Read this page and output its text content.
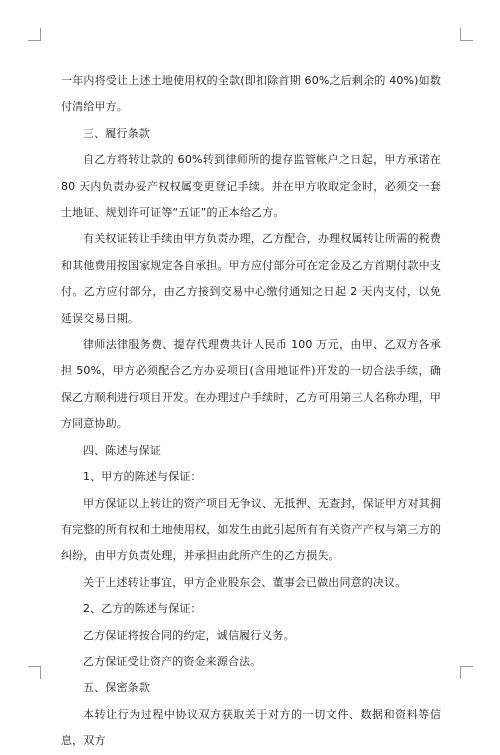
一年内将受让上述土地使用权的全款(即扣除首期 60%之后剩余的 40%)如数付清给甲方。

三、履行条款

自乙方将转让款的 60%转到律师所的提存监管帐户之日起，甲方承诺在 80 天内负责办妥产权权属变更登记手续。并在甲方收取定金时，必须交一套土地证、规划许可证等“五证”的正本给乙方。

有关权证转让手续由甲方负责办理，乙方配合，办理权属转让所需的税费和其他费用按国家规定各自承担。甲方应付部分可在定金及乙方首期付款中支付。乙方应付部分，由乙方接到交易中心缴付通知之日起 2 天内支付，以免延误交易日期。

律师法律服务费、提存代理费共计人民币 100 万元，由甲、乙双方各承担 50%，甲方必须配合乙方办妥项目(含用地证件)开发的一切合法手续，确保乙方顺利进行项目开发。在办理过户手续时，乙方可用第三人名称办理，甲方同意协助。

四、陈述与保证

1、甲方的陈述与保证：

甲方保证以上转让的资产项目无争议、无抵押、无查封，保证甲方对其拥有完整的所有权和土地使用权，如发生由此引起所有有关资产产权与第三方的纠纷，由甲方负责处理，并承担由此所产生的乙方损失。

关于上述转让事宜，甲方企业股东会、董事会已做出同意的决议。

2、乙方的陈述与保证：

乙方保证将按合同的约定，诚信履行义务。

乙方保证受让资产的资金来源合法。

五、保密条款

本转让行为过程中协议双方获取关于对方的一切文件、数据和资料等信息，双方
